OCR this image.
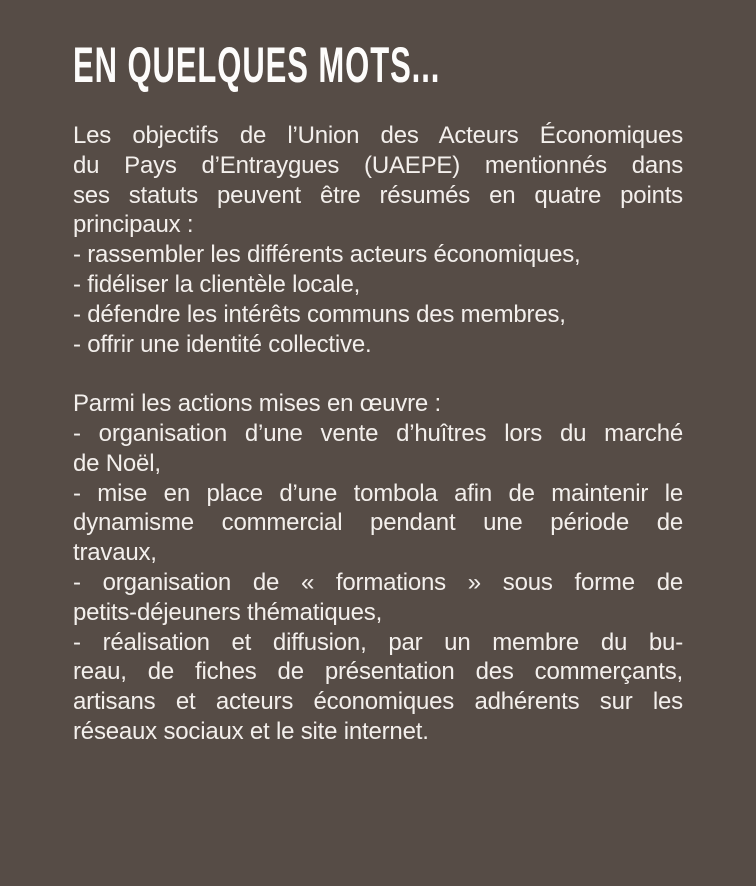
EN QUELQUES MOTS...
Les objectifs de l’Union des Acteurs Économiques
du Pays d’Entraygues (UAEPE) mentionnés dans
ses statuts peuvent être résumés en quatre points
principaux :
- rassembler les différents acteurs économiques,
- fidéliser la clientèle locale,
- défendre les intérêts communs des membres,
- offrir une identité collective.
Parmi les actions mises en œuvre :
- organisation d’une vente d’huîtres lors du marché
de Noël,
- mise en place d’une tombola afin de maintenir le
dynamisme commercial pendant une période de
travaux,
- organisation de « formations » sous forme de
petits-déjeuners thématiques,
- réalisation et diffusion, par un membre du bu-
reau, de fiches de présentation des commerçants,
artisans et acteurs économiques adhérents sur les
réseaux sociaux et le site internet.
